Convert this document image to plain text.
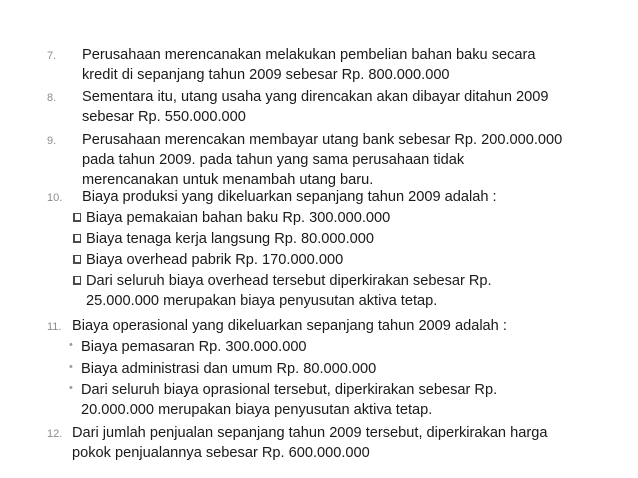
7. Perusahaan merencanakan melakukan pembelian bahan baku secara
kredit di sepanjang tahun 2009 sebesar Rp. 800.000.000
8. Sementara itu, utang usaha yang direncakan akan dibayar ditahun 2009
sebesar Rp. 550.000.000
9. Perusahaan merencakan membayar utang bank sebesar Rp. 200.000.000
pada tahun 2009. pada tahun yang sama perusahaan tidak
merencanakan untuk menambah utang baru.
10. Biaya produksi yang dikeluarkan sepanjang tahun 2009 adalah :
Biaya pemakaian bahan baku Rp. 300.000.000
Biaya tenaga kerja langsung Rp. 80.000.000
Biaya overhead pabrik Rp. 170.000.000
Dari seluruh biaya overhead tersebut diperkirakan sebesar Rp.
25.000.000 merupakan biaya penyusutan aktiva tetap.
11. Biaya operasional yang dikeluarkan sepanjang tahun 2009 adalah :
• Biaya pemasaran Rp. 300.000.000
• Biaya administrasi dan umum Rp. 80.000.000
• Dari seluruh biaya oprasional tersebut, diperkirakan sebesar Rp.
20.000.000 merupakan biaya penyusutan aktiva tetap.
12. Dari jumlah penjualan sepanjang tahun 2009 tersebut, diperkirakan harga
pokok penjualannya sebesar Rp. 600.000.000
